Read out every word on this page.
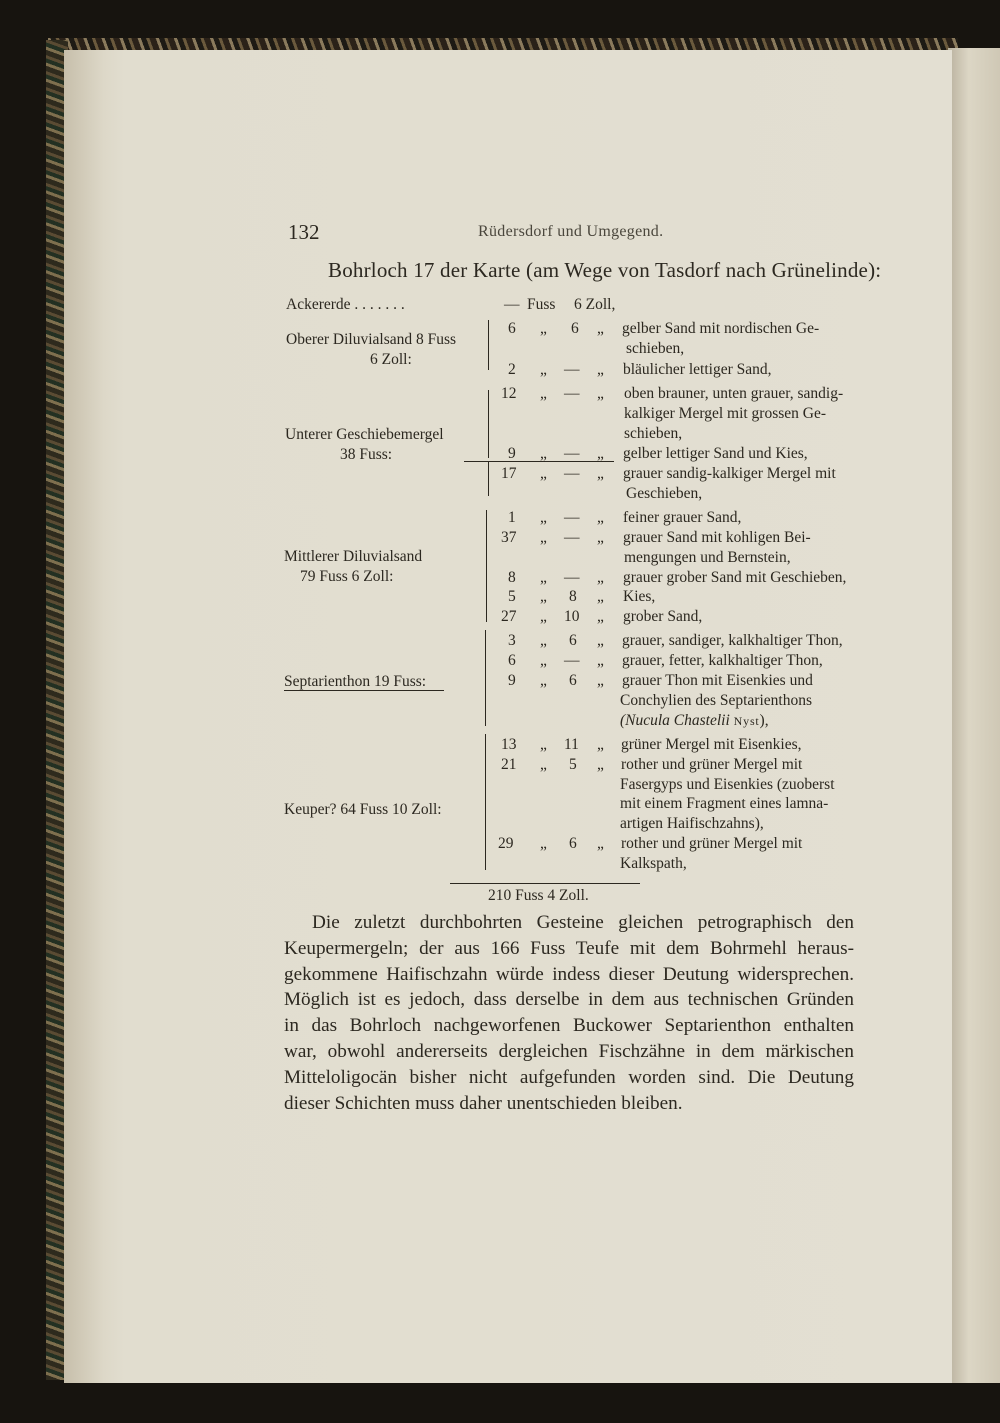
132	Rüdersdorf und Umgegend.
Bohrloch 17 der Karte (am Wege von Tasdorf nach Grünelinde):
Ackererde . . . . . . .	— Fuss 6 Zoll,
Oberer Diluvialsand 8 Fuss
6 Zoll:
Unterer Geschiebemergel
38 Fuss:
Mittlerer Diluvialsand
79 Fuss 6 Zoll:
Septarienthon 19 Fuss:
Keuper? 64 Fuss 10 Zoll:
6 „ 6 „ gelber Sand mit nordischen Ge-
schieben,
2 „ — „ bläulicher lettiger Sand,
12 „ — „ oben brauner, unten grauer, sandig-
kalkiger Mergel mit grossen Ge-
schieben,
9 „ — „ gelber lettiger Sand und Kies,
17 „ — „ grauer sandig-kalkiger Mergel mit
Geschieben,
1 „ — „ feiner grauer Sand,
37 „ — „ grauer Sand mit kohligen Bei-
mengungen und Bernstein,
8 „ — „ grauer grober Sand mit Geschieben,
5 „ 8 „ Kies,
27 „ 10 „ grober Sand,
3 „ 6 „ grauer, sandiger, kalkhaltiger Thon,
6 „ — „ grauer, fetter, kalkhaltiger Thon,
9 „ 6 „ grauer Thon mit Eisenkies und
Conchylien des Septarienthons
(Nucula Chastelii Nyst),
13 „ 11 „ grüner Mergel mit Eisenkies,
21 „ 5 „ rother und grüner Mergel mit
Fasergyps und Eisenkies (zuoberst
mit einem Fragment eines lamna-
artigen Haifischzahns),
29 „ 6 „ rother und grüner Mergel mit
Kalkspath,
210 Fuss 4 Zoll.
Die zuletzt durchbohrten Gesteine gleichen petrographisch den
Keupermergeln; der aus 166 Fuss Teufe mit dem Bohrmehl heraus-
gekommene Haifischzahn würde indess dieser Deutung widersprechen.
Möglich ist es jedoch, dass derselbe in dem aus technischen Gründen
in das Bohrloch nachgeworfenen Buckower Septarienthon enthalten
war, obwohl andererseits dergleichen Fischzähne in dem märkischen
Mitteloligocän bisher nicht aufgefunden worden sind. Die Deutung
dieser Schichten muss daher unentschieden bleiben.
